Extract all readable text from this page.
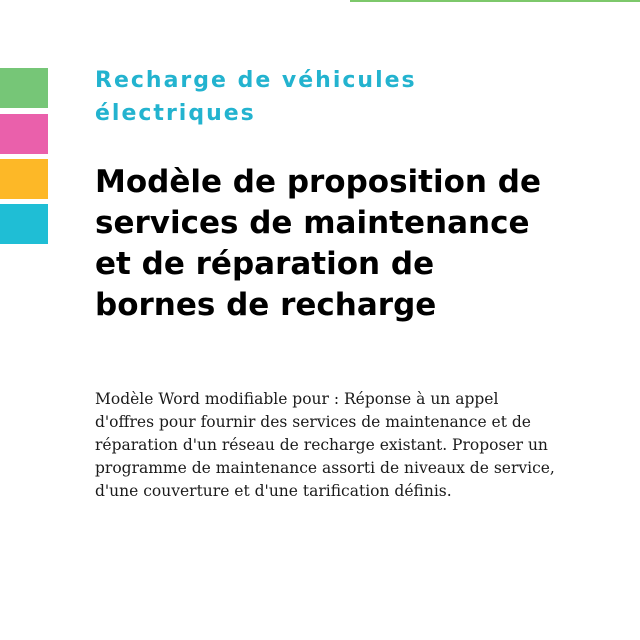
Recharge de véhicules
électriques
Modèle de proposition de
services de maintenance
et de réparation de
bornes de recharge

Modèle Word modifiable pour : Réponse à un appel
d'offres pour fournir des services de maintenance et de
réparation d'un réseau de recharge existant. Proposer un
programme de maintenance assorti de niveaux de service,
d'une couverture et d'une tarification définis.
